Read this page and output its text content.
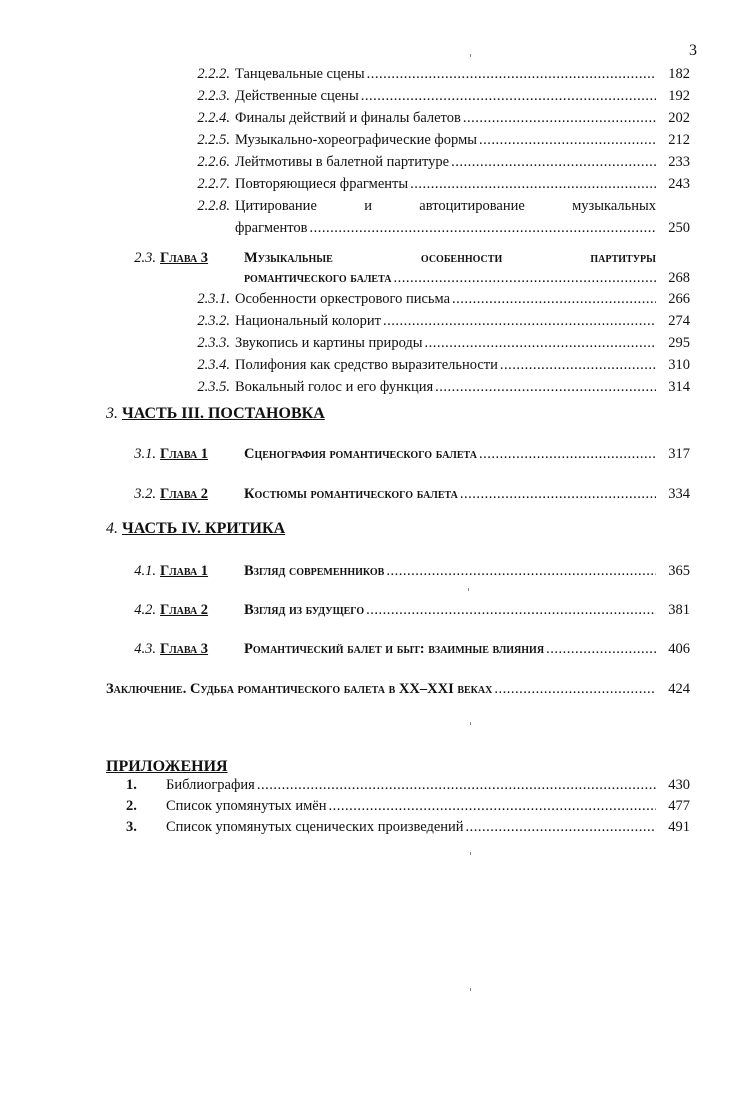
3
2.2.2. Танцевальные сцены .....	182
2.2.3. Действенные сцены .....	192
2.2.4. Финалы действий и финалы балетов .....	202
2.2.5. Музыкально-хореографические формы .....	212
2.2.6. Лейтмотивы в балетной партитуре .....	233
2.2.7. Повторяющиеся фрагменты .....	243
2.2.8. Цитирование	и	автоцитирование	музыкальных
фрагментов .....	250
2.3. Глава 3	Музыкальные	особенности	партитуры
романтического балета .....	268
2.3.1. Особенности оркестрового письма .....	266
2.3.2. Национальный колорит .....	274
2.3.3. Звукопись и картины природы .....	295
2.3.4. Полифония как средство выразительности .....	310
2.3.5. Вокальный голос и его функция .....	314
3. ЧАСТЬ III. ПОСТАНОВКА
3.1. Глава 1	Сценография романтического балета .....	317
3.2. Глава 2	Костюмы романтического балета .....	334
4. ЧАСТЬ IV. КРИТИКА
4.1. Глава 1	Взгляд современников .....	365
4.2. Глава 2	Взгляд из будущего .....	381
4.3. Глава 3	Романтический балет и быт: взаимные влияния .....	406
Заключение. Судьба романтического балета в XX–XXI веках .....	424
ПРИЛОЖЕНИЯ
1.	Библиография .....	430
2.	Список упомянутых имён .....	477
3.	Список упомянутых сценических произведений .....	491
